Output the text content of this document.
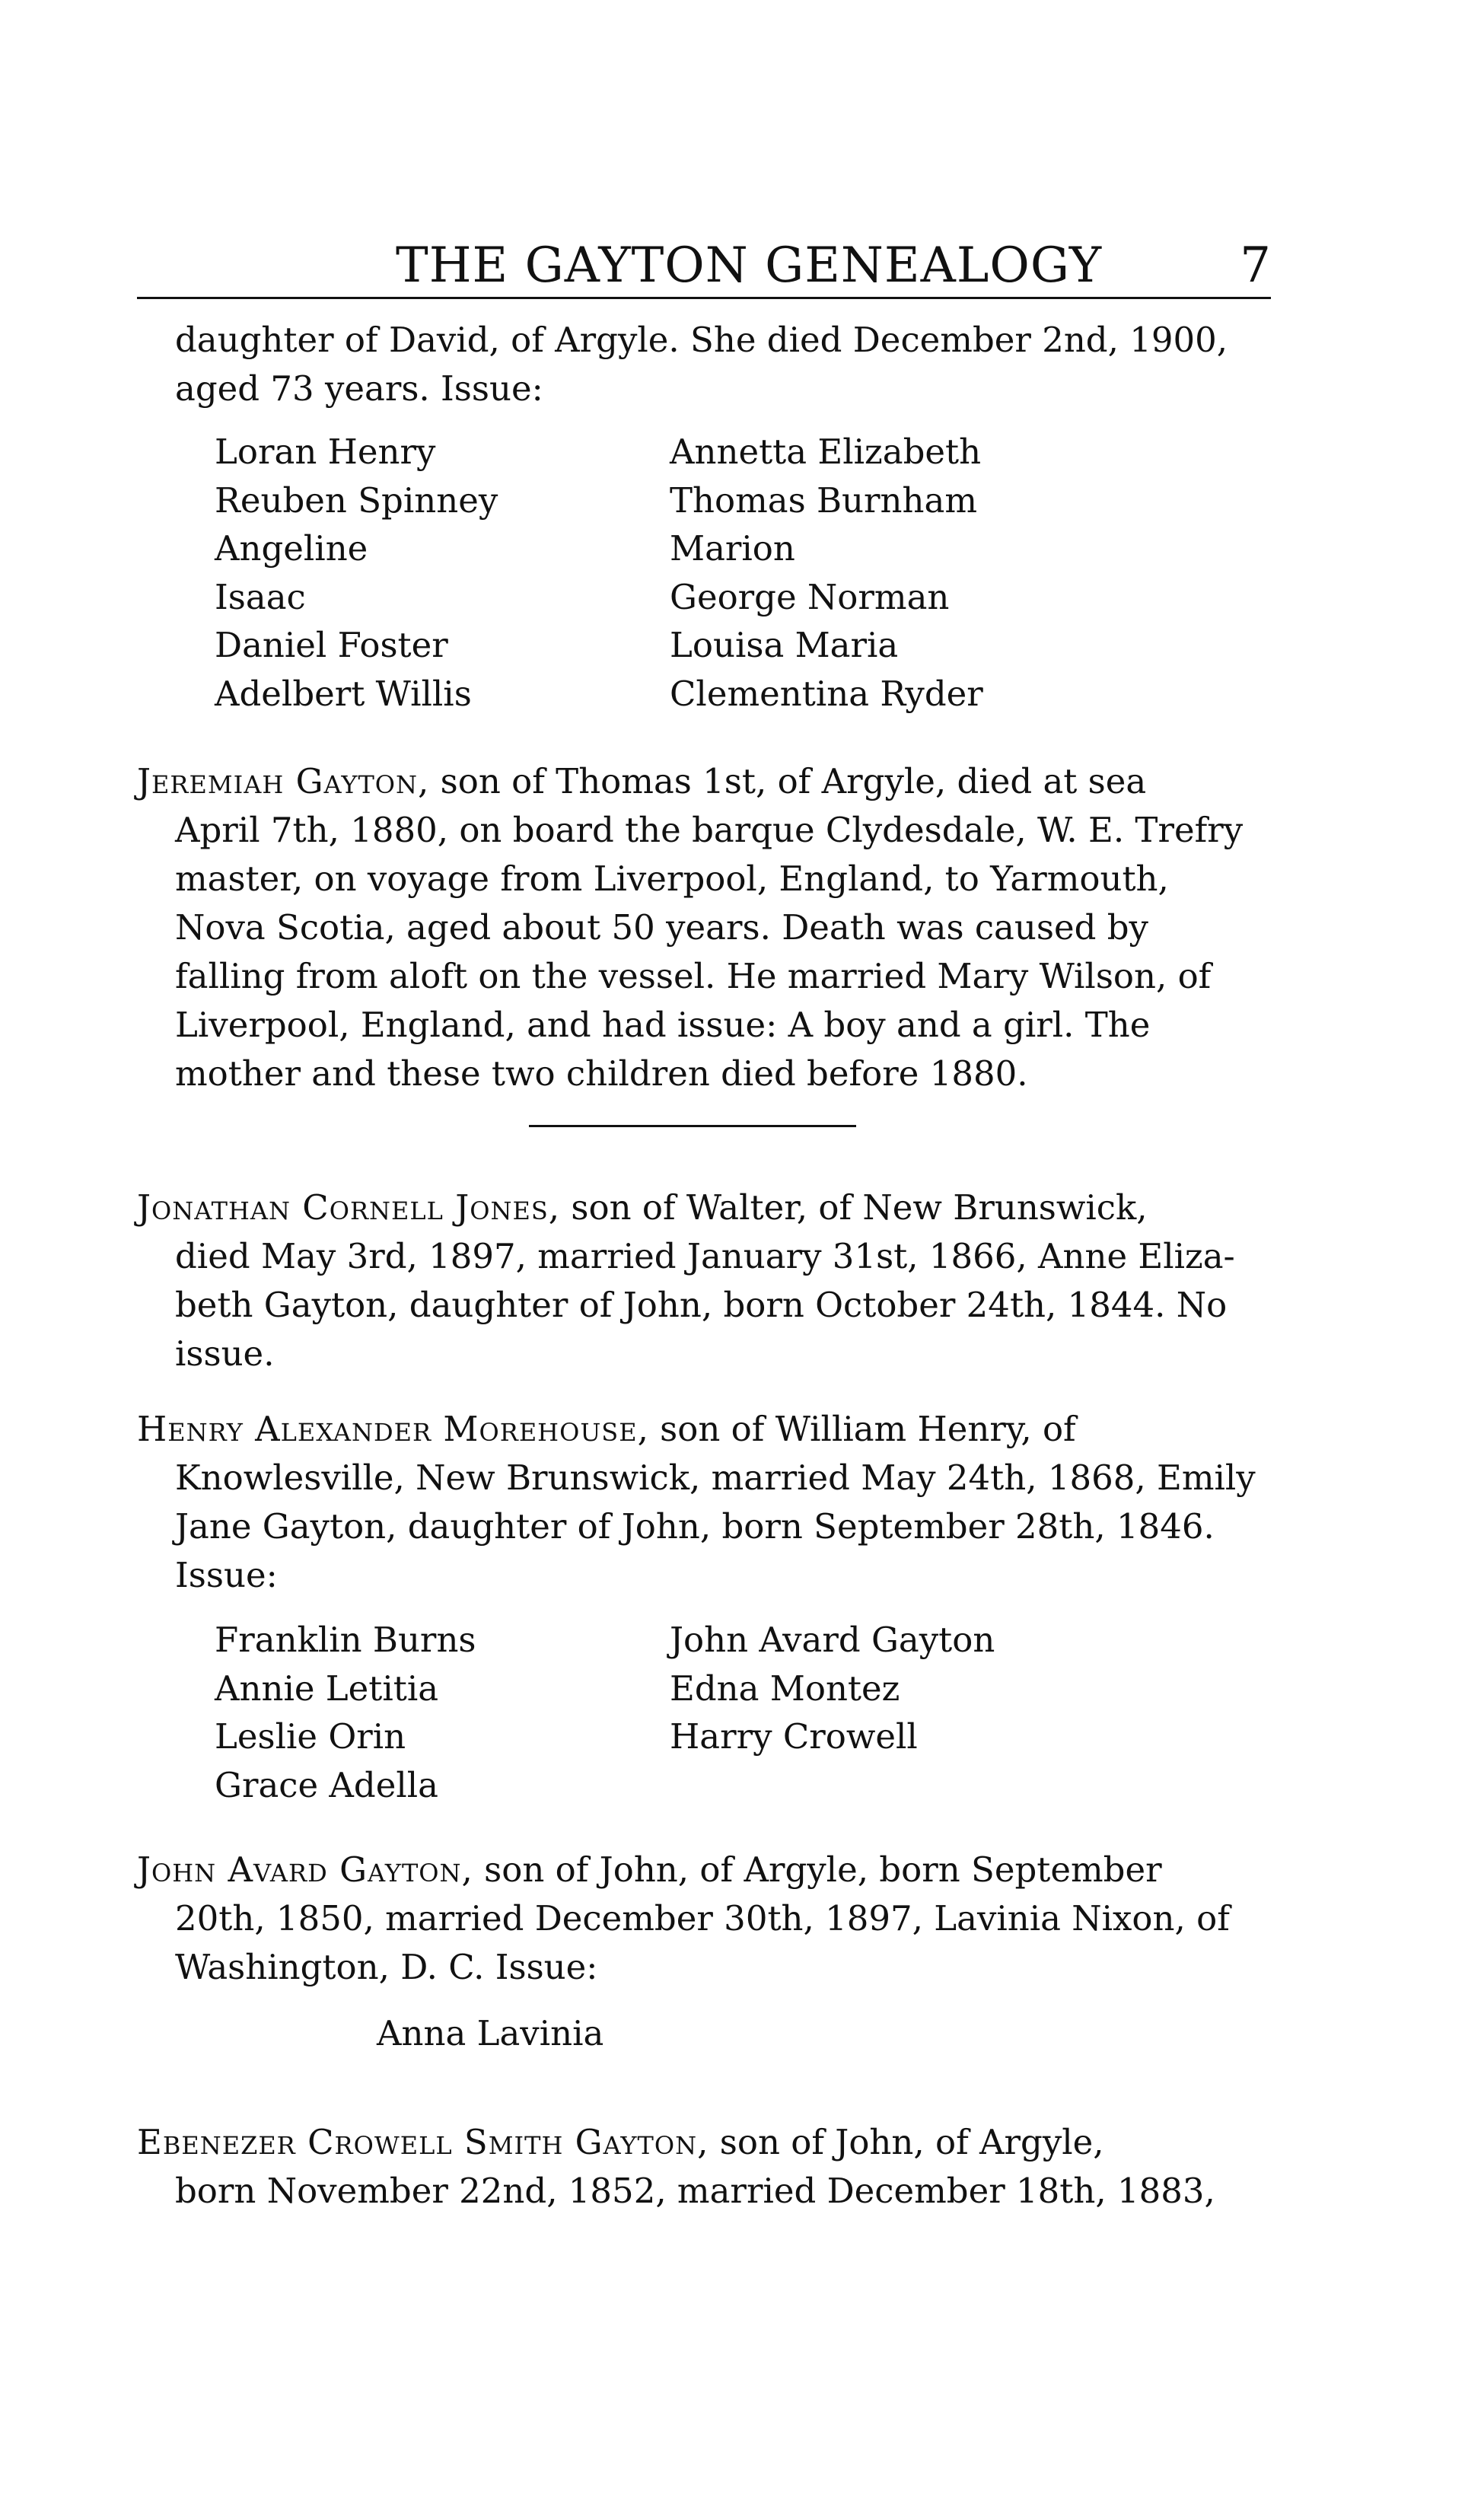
THE GAYTON GENEALOGY	7
daughter of David, of Argyle. She died December 2nd, 1900,
aged 73 years. Issue:
Loran Henry
Reuben Spinney
Angeline
Isaac
Daniel Foster
Adelbert Willis
Annetta Elizabeth
Thomas Burnham
Marion
George Norman
Louisa Maria
Clementina Ryder
Jeremiah Gayton, son of Thomas 1st, of Argyle, died at sea
April 7th, 1880, on board the barque Clydesdale, W. E. Trefry
master, on voyage from Liverpool, England, to Yarmouth,
Nova Scotia, aged about 50 years. Death was caused by
falling from aloft on the vessel. He married Mary Wilson, of
Liverpool, England, and had issue: A boy and a girl. The
mother and these two children died before 1880.
Jonathan Cornell Jones, son of Walter, of New Brunswick,
died May 3rd, 1897, married January 31st, 1866, Anne Eliza-
beth Gayton, daughter of John, born October 24th, 1844. No
issue.
Henry Alexander Morehouse, son of William Henry, of
Knowlesville, New Brunswick, married May 24th, 1868, Emily
Jane Gayton, daughter of John, born September 28th, 1846.
Issue:
Franklin Burns
Annie Letitia
Leslie Orin
Grace Adella
John Avard Gayton
Edna Montez
Harry Crowell
John Avard Gayton, son of John, of Argyle, born September
20th, 1850, married December 30th, 1897, Lavinia Nixon, of
Washington, D. C. Issue:
Anna Lavinia
Ebenezer Crowell Smith Gayton, son of John, of Argyle,
born November 22nd, 1852, married December 18th, 1883,
